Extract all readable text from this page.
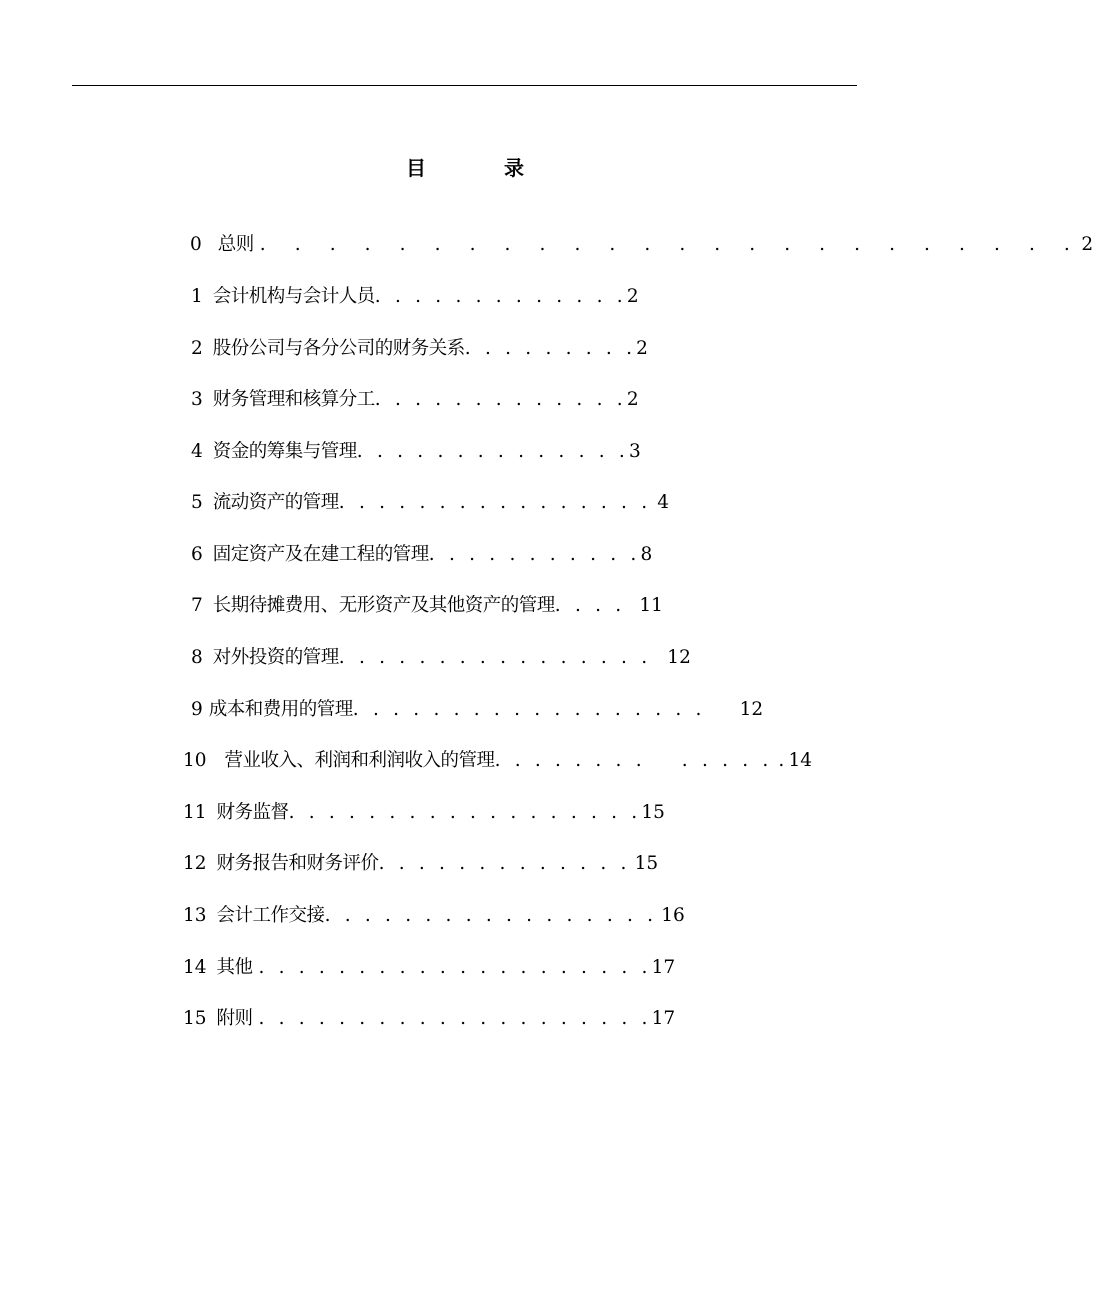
目	录
0 总则 . . . . . . . . . . . . . . . . . . . . . . . .2
1 会计机构与会计人员. . . . . . . . . . . . .2
2 股份公司与各分公司的财务关系. . . . . . . . .2
3 财务管理和核算分工. . . . . . . . . . . . .2
4 资金的筹集与管理. . . . . . . . . . . . . .3
5 流动资产的管理. . . . . . . . . . . . . . . . 4
6 固定资产及在建工程的管理. . . . . . . . . . .8
7 长期待摊费用、无形资产及其他资产的管理. . . . 11
8 对外投资的管理. . . . . . . . . . . . . . . . 12
9 成本和费用的管理. . . . . . . . . . . . . . . . . . 12
10 营业收入、利润和利润收入的管理. . . . . . . . . . . . . .14
11 财务监督. . . . . . . . . . . . . . . . . .15
12 财务报告和财务评价. . . . . . . . . . . . . 15
13 会计工作交接. . . . . . . . . . . . . . . . . 16
14 其他 . . . . . . . . . . . . . . . . . . . .17
15 附则 . . . . . . . . . . . . . . . . . . . .17
